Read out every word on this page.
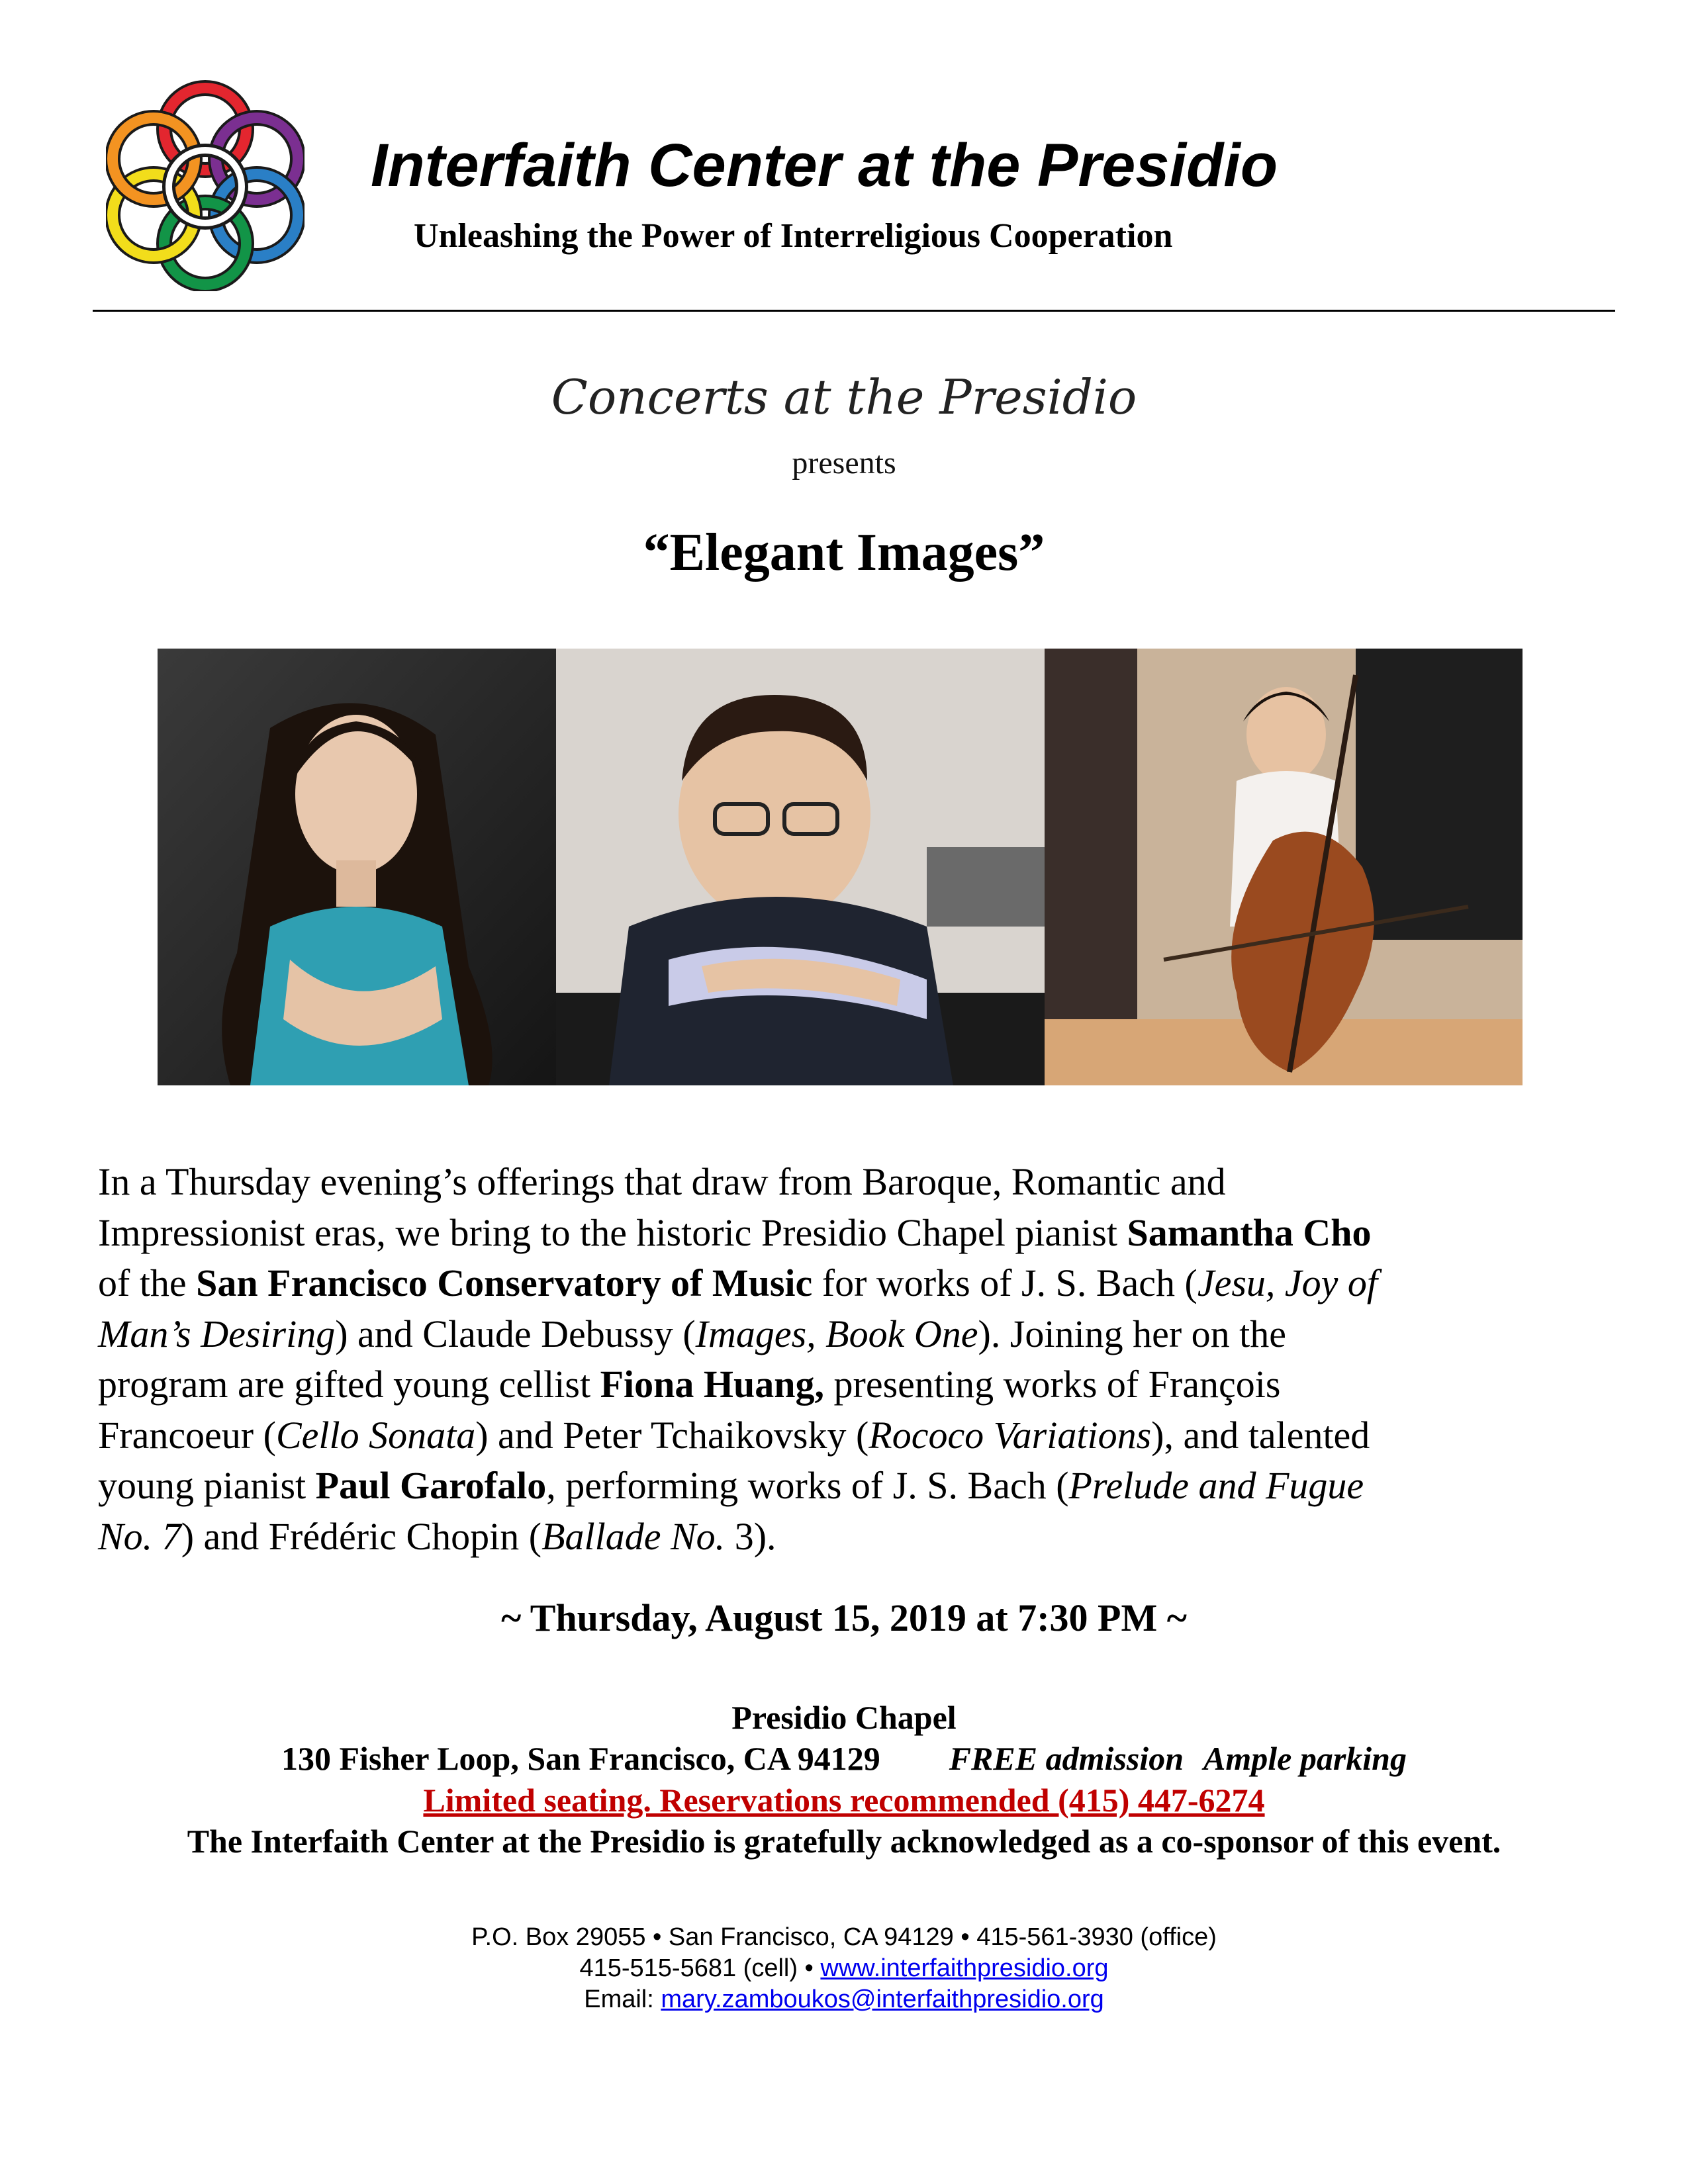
Interfaith Center at the Presidio
Unleashing the Power of Interreligious Cooperation
Concerts at the Presidio
presents
“Elegant Images”
In a Thursday evening’s offerings that draw from Baroque, Romantic and
Impressionist eras, we bring to the historic Presidio Chapel pianist Samantha Cho
of the San Francisco Conservatory of Music for works of J. S. Bach (Jesu, Joy of
Man’s Desiring) and Claude Debussy (Images, Book One). Joining her on the
program are gifted young cellist Fiona Huang, presenting works of François
Francoeur (Cello Sonata) and Peter Tchaikovsky (Rococo Variations), and talented
young pianist Paul Garofalo, performing works of J. S. Bach (Prelude and Fugue
No. 7) and Frédéric Chopin (Ballade No. 3).
~ Thursday, August 15, 2019 at 7:30 PM ~
Presidio Chapel
130 Fisher Loop, San Francisco, CA 94129 FREE admission Ample parking
Limited seating. Reservations recommended (415) 447-6274
The Interfaith Center at the Presidio is gratefully acknowledged as a co-sponsor of this event.
P.O. Box 29055 • San Francisco, CA 94129 • 415-561-3930 (office)
415-515-5681 (cell) • www.interfaithpresidio.org
Email: mary.zamboukos@interfaithpresidio.org
